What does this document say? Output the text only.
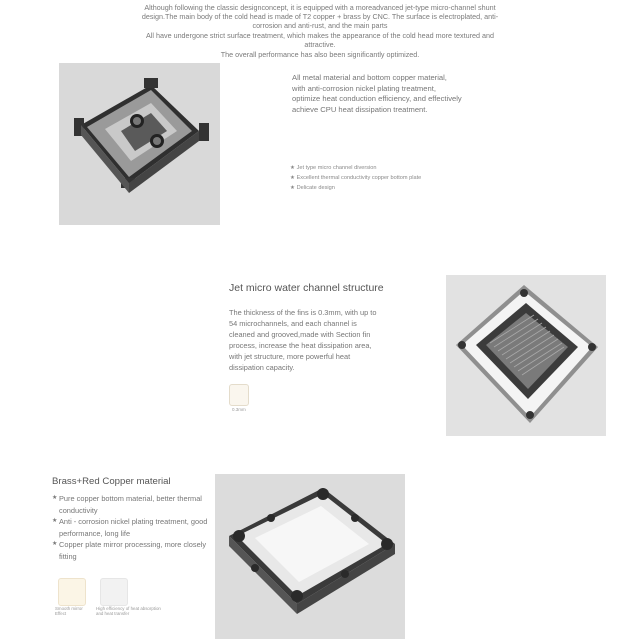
Although following the classic designconcept, it is equipped with a moreadvanced jet-type micro-channel shunt design.The main body of the cold head is made of T2 copper + brass by CNC. The surface is electroplated, anti-corrosion and anti-rust, and the main parts

All have undergone strict surface treatment, which makes the appearance of the cold head more textured and attractive.

The overall performance has also been significantly optimized.

All metal material and bottom copper material, with anti-corrosion nickel plating treatment, optimize heat conduction efficiency, and effectively achieve CPU heat dissipation treatment.
★ Jet type micro channel diversion
★ Excellent thermal conductivity copper bottom plate
★ Delicate design
Jet micro water channel structure
The thickness of the fins is 0.3mm, with up to 54 microchannels, and each channel is cleaned and grooved,made with Section fin process, increase the heat dissipation area, with jet structure, more powerful heat dissipation capacity.
0.3mm
Brass+Red Copper material
★ Pure copper bottom material, better thermal conductivity
★ Anti - corrosion nickel plating treatment, good performance, long life
★ Copper plate mirror processing, more closely fitting
Smooth mirror Effect
High efficiency of heat absorption and heat transfer
